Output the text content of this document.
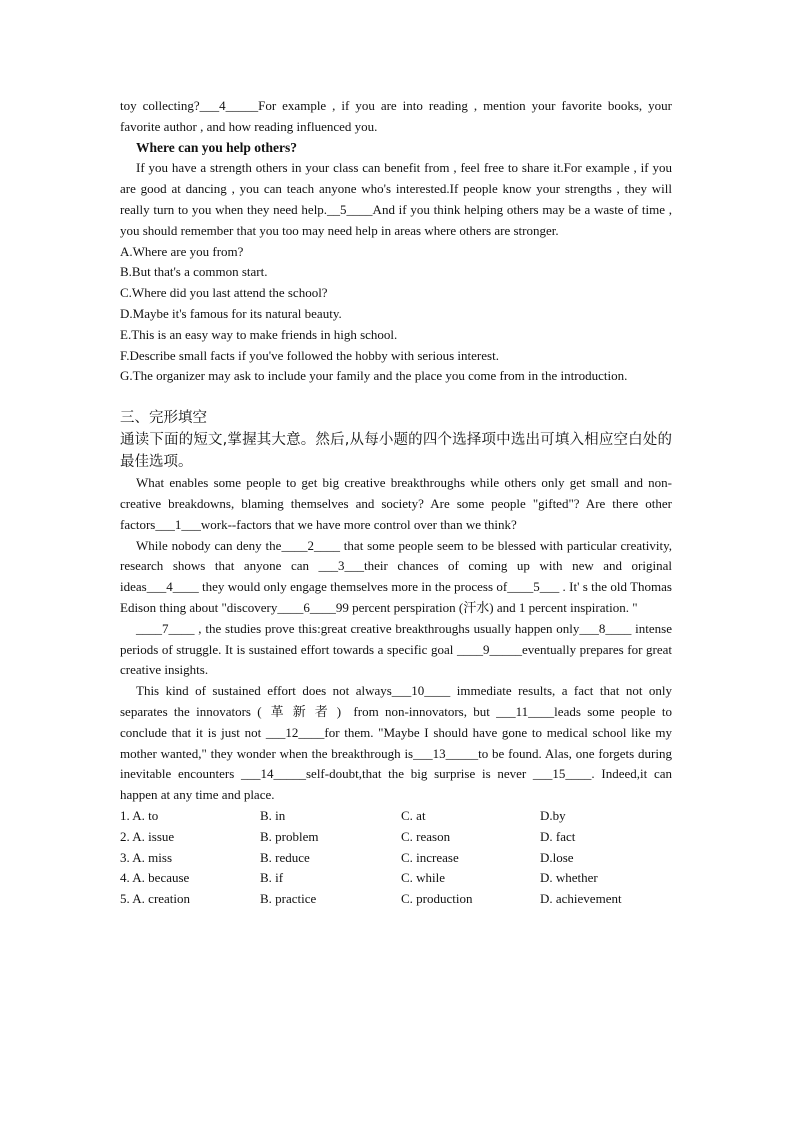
toy collecting?___4_____For example , if you are into reading , mention your favorite books, your favorite author , and how reading influenced you.

Where can you help others?

If you have a strength others in your class can benefit from , feel free to share it.For example , if you are good at dancing , you can teach anyone who's interested.If people know your strengths , they will really turn to you when they need help.__5____And if you think helping others may be a waste of time , you should remember that you too may need help in areas where others are stronger.

A.Where are you from?

B.But that's a common start.

C.Where did you last attend the school?

D.Maybe it's famous for its natural beauty.

E.This is an easy way to make friends in high school.

F.Describe small facts if you've followed the hobby with serious interest.

G.The organizer may ask to include your family and the place you come from in the introduction.

三、完形填空

通读下面的短文,掌握其大意。然后,从每小题的四个选择项中选出可填入相应空白处的最佳选项。

What enables some people to get big creative breakthroughs while others only get small and non-creative breakdowns, blaming themselves and society? Are some people "gifted"? Are there other factors___1___work--factors that we have more control over than we think?

While nobody can deny the____2____ that some people seem to be blessed with particular creativity, research shows that anyone can ___3___their chances of coming up with new and original ideas___4____ they would only engage themselves more in the process of____5___ . It' s the old Thomas Edison thing about "discovery____6____99 percent perspiration (汗水) and 1 percent inspiration. "

____7____ , the studies prove this:great creative breakthroughs usually happen only___8____ intense periods of struggle. It is sustained effort towards a specific goal ____9_____eventually prepares for great creative insights.

This kind of sustained effort does not always___10____ immediate results, a fact that not only separates the innovators (革新者) from non-innovators, but ___11____leads some people to conclude that it is just not ___12____for them. "Maybe I should have gone to medical school like my mother wanted," they wonder when the breakthrough is___13_____to be found. Alas, one forgets during inevitable encounters ___14_____self-doubt,that the big surprise is never ___15____. Indeed,it can happen at any time and place.

1. A. to	B. in	C. at	D.by
2. A. issue	B. problem	C. reason	D. fact
3. A. miss	B. reduce	C. increase	D.lose
4. A. because	B. if	C. while	D. whether
5. A. creation	B. practice	C. production	D. achievement
